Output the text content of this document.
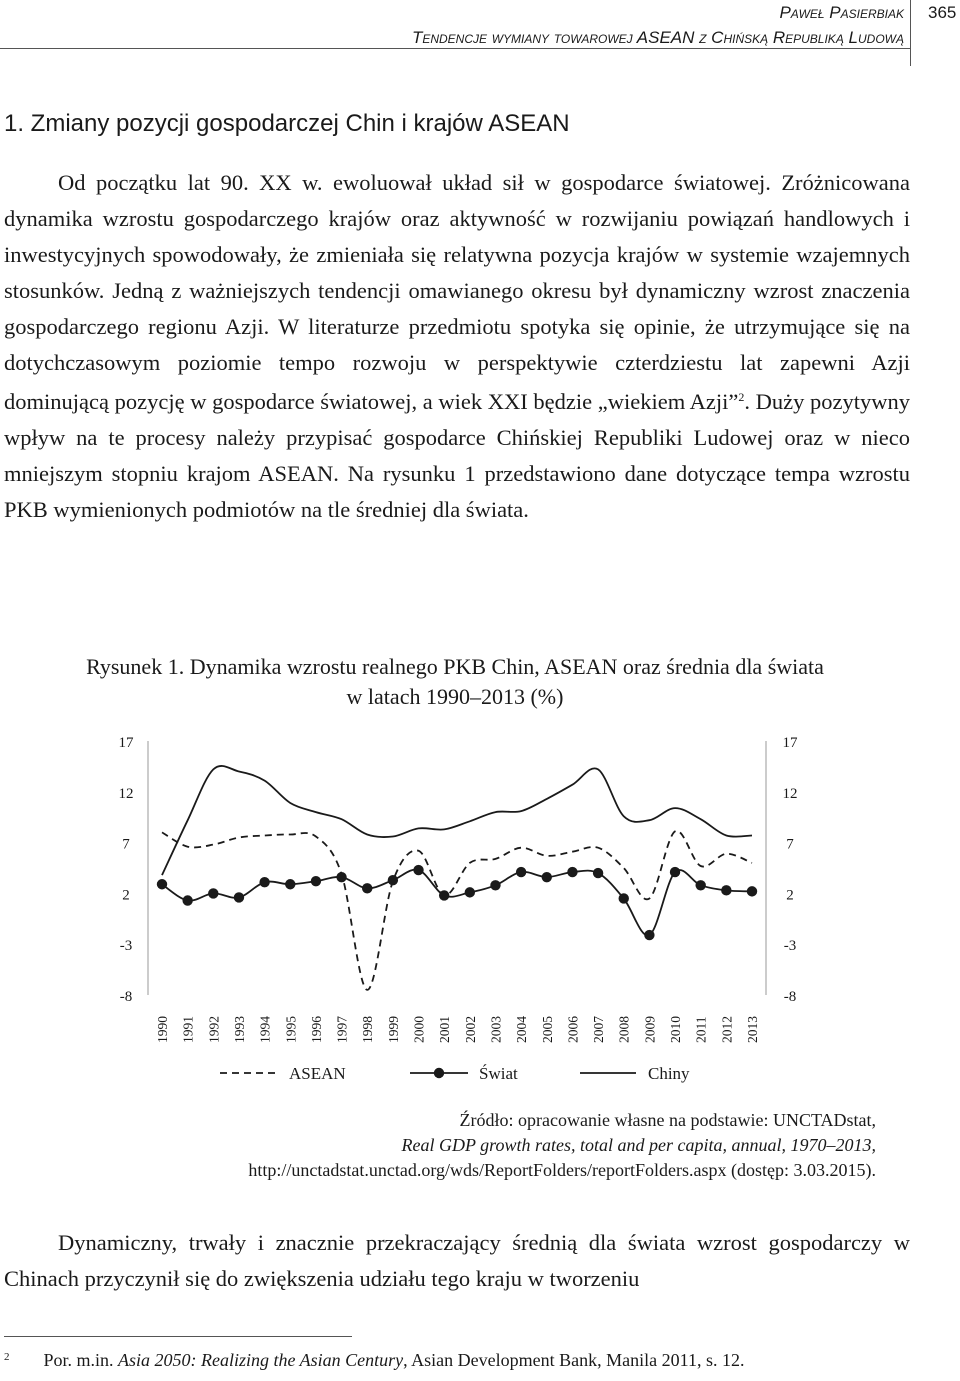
Paweł Pasierbiak
Tendencje wymiany towarowej ASEAN z Chińską Republiką Ludową
365
1. Zmiany pozycji gospodarczej Chin i krajów ASEAN
Od początku lat 90. XX w. ewoluował układ sił w gospodarce światowej. Zróżnicowana dynamika wzrostu gospodarczego krajów oraz aktywność w rozwijaniu powiązań handlowych i inwestycyjnych spowodowały, że zmieniała się relatywna pozycja krajów w systemie wzajemnych stosunków. Jedną z ważniejszych tendencji omawianego okresu był dynamiczny wzrost znaczenia gospodarczego regionu Azji. W literaturze przedmiotu spotyka się opinie, że utrzymujące się na dotychczasowym poziomie tempo rozwoju w perspektywie czterdziestu lat zapewni Azji dominującą pozycję w gospodarce światowej, a wiek XXI będzie „wiekiem Azji”$^2$. Duży pozytywny wpływ na te procesy należy przypisać gospodarce Chińskiej Republiki Ludowej oraz w nieco mniejszym stopniu krajom ASEAN. Na rysunku 1 przedstawiono dane dotyczące tempa wzrostu PKB wymienionych podmiotów na tle średniej dla świata.
Rysunek 1. Dynamika wzrostu realnego PKB Chin, ASEAN oraz średnia dla świata
w latach 1990–2013 (%)
17	17
12	12
7	7
2	2
-3	-3
-8	-8
1990 1991 1992 1993 1994 1995 1996 1997 1998 1999 2000 2001 2002 2003 2004 2005 2006 2007 2008 2009 2010 2011 2012 2013
ASEAN	Świat	Chiny
Źródło: opracowanie własne na podstawie: UNCTADstat,
Real GDP growth rates, total and per capita, annual, 1970–2013,
http://unctadstat.unctad.org/wds/ReportFolders/reportFolders.aspx (dostęp: 3.03.2015).
Dynamiczny, trwały i znacznie przekraczający średnią dla świata wzrost gospodarczy w Chinach przyczynił się do zwiększenia udziału tego kraju w tworzeniu
$^2$ Por. m.in. Asia 2050: Realizing the Asian Century, Asian Development Bank, Manila 2011, s. 12.
